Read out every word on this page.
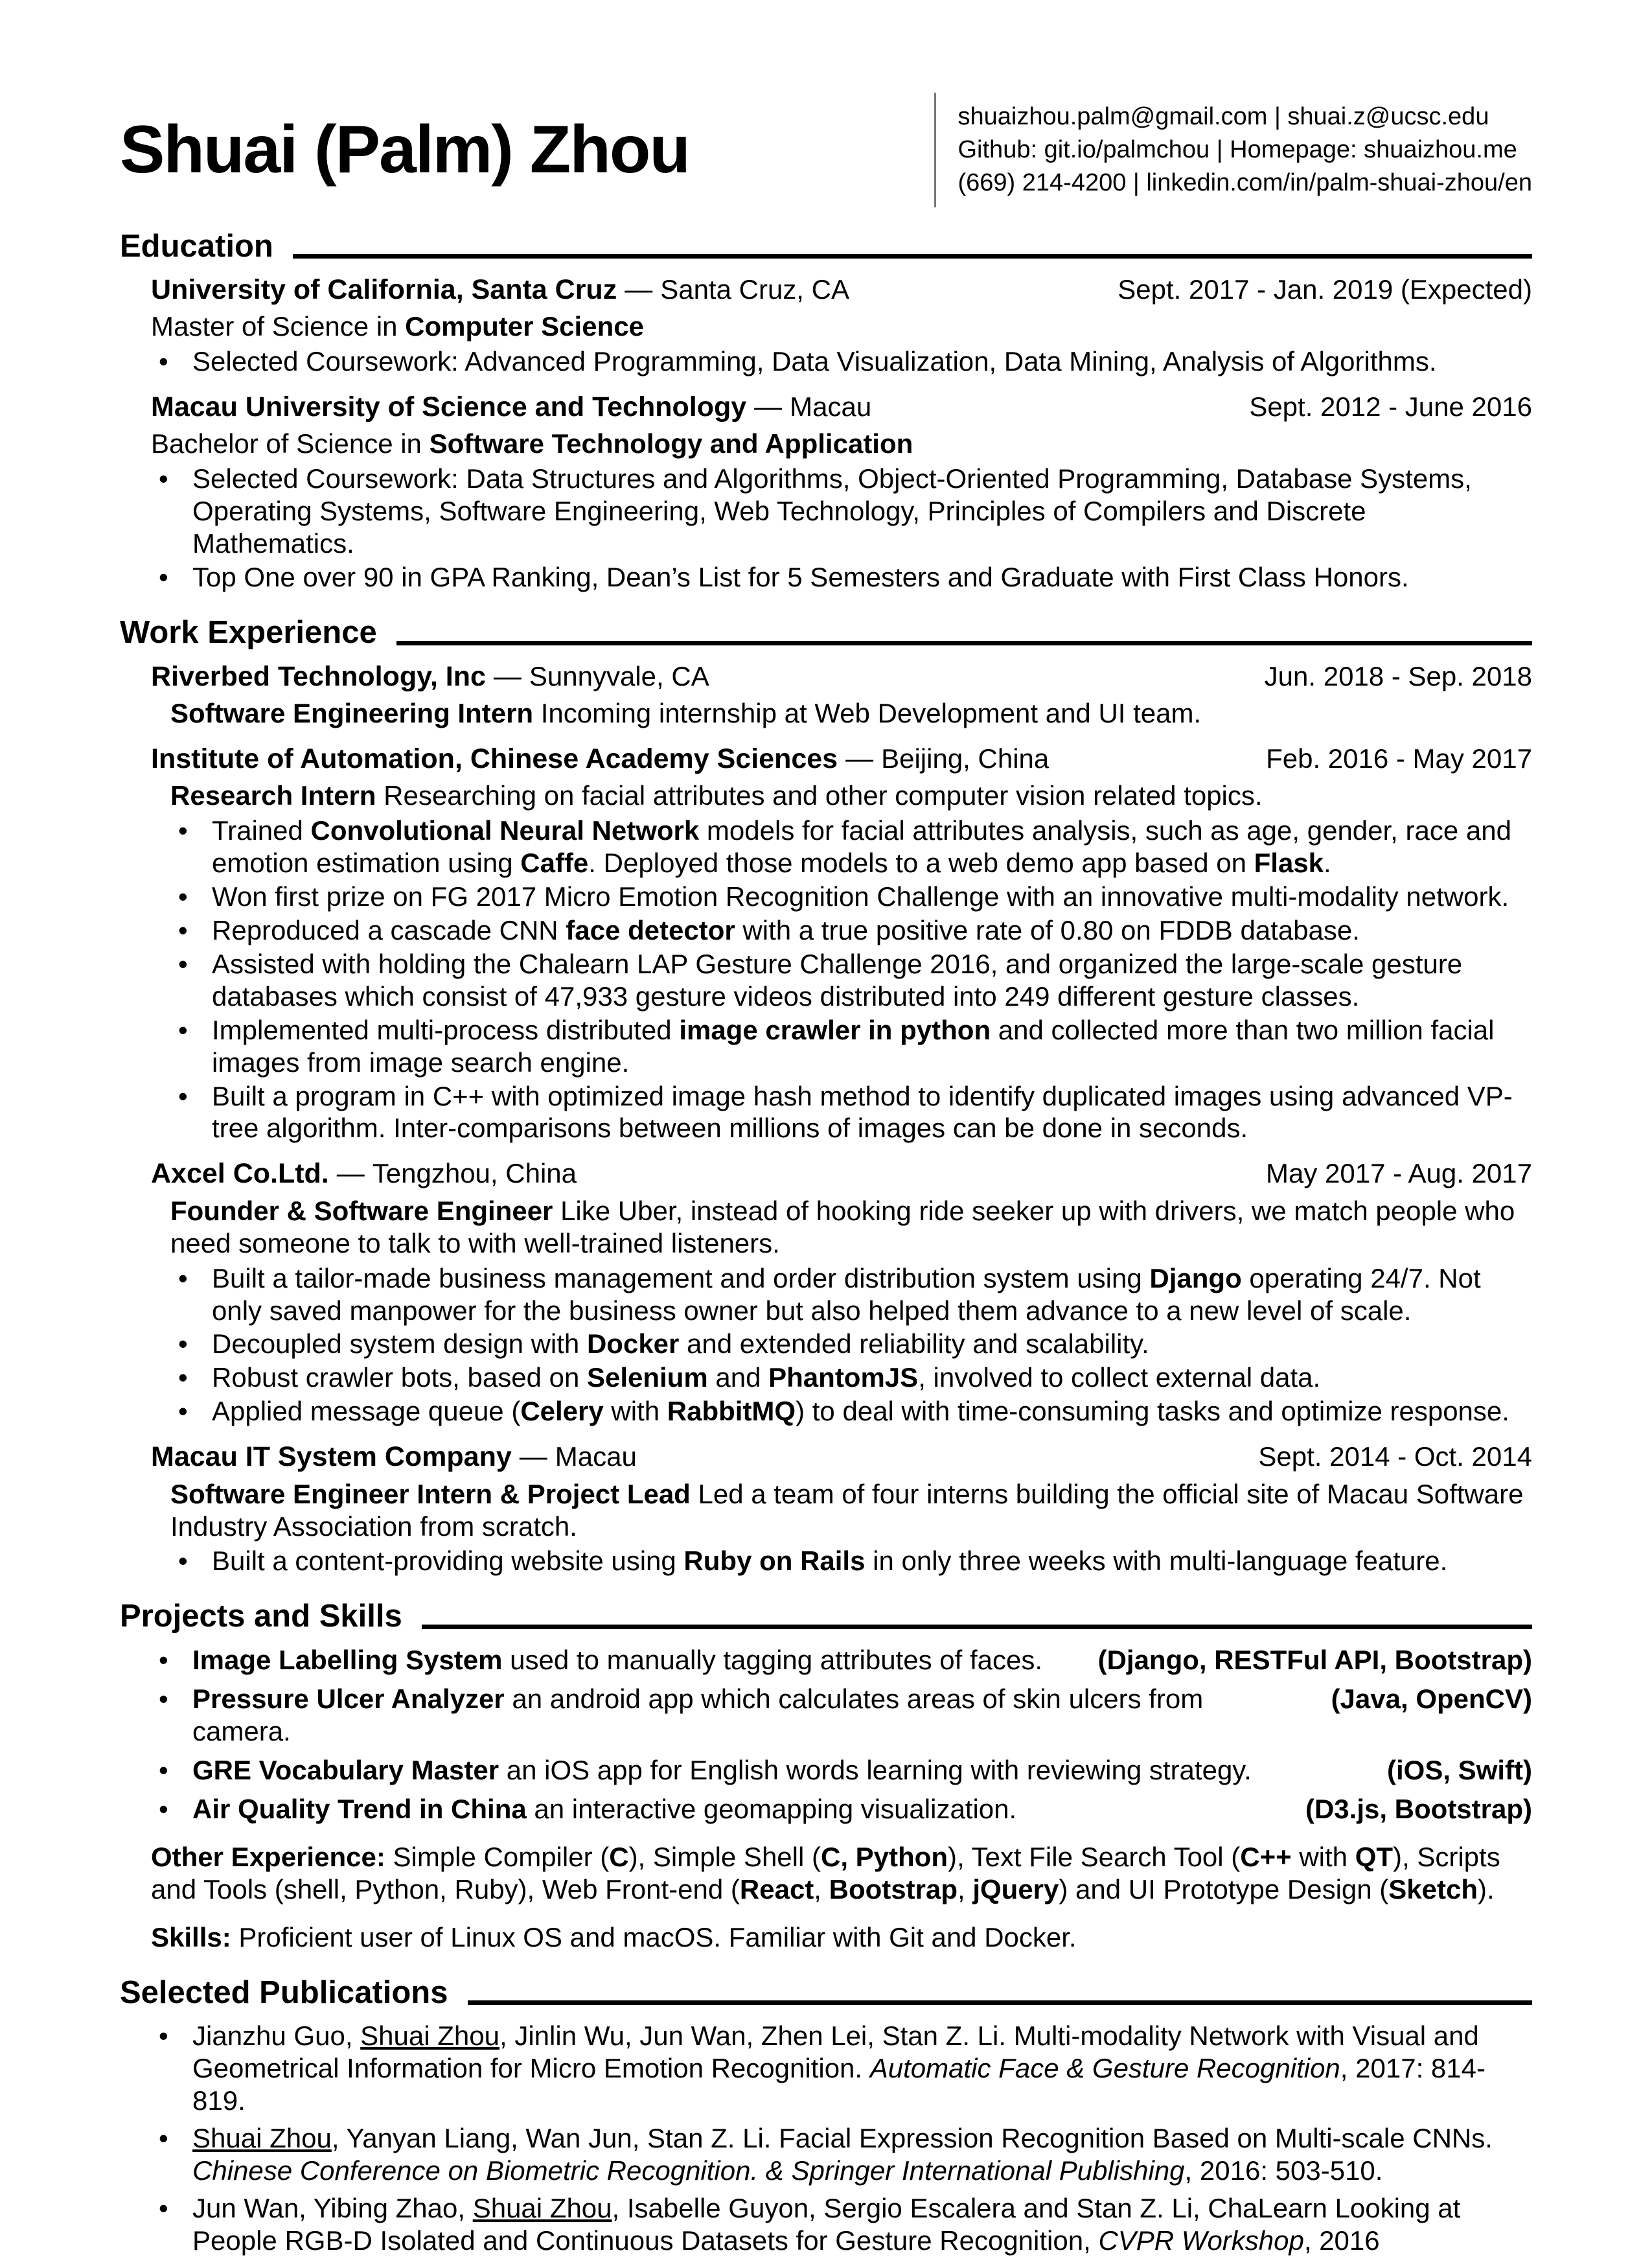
Shuai (Palm) Zhou	shuaizhou.palm@gmail.com | shuai.z@ucsc.edu
Github: git.io/palmchou | Homepage: shuaizhou.me
(669) 214-4200 | linkedin.com/in/palm-shuai-zhou/en
Education
University of California, Santa Cruz — Santa Cruz, CA	Sept. 2017 - Jan. 2019 (Expected)
Master of Science in Computer Science
• Selected Coursework: Advanced Programming, Data Visualization, Data Mining, Analysis of Algorithms.
Macau University of Science and Technology — Macau	Sept. 2012 - June 2016
Bachelor of Science in Software Technology and Application
• Selected Coursework: Data Structures and Algorithms, Object-Oriented Programming, Database Systems, Operating Systems, Software Engineering, Web Technology, Principles of Compilers and Discrete Mathematics.
• Top One over 90 in GPA Ranking, Dean’s List for 5 Semesters and Graduate with First Class Honors.
Work Experience
Riverbed Technology, Inc — Sunnyvale, CA	Jun. 2018 - Sep. 2018
Software Engineering Intern Incoming internship at Web Development and UI team.
Institute of Automation, Chinese Academy Sciences — Beijing, China	Feb. 2016 - May 2017
Research Intern Researching on facial attributes and other computer vision related topics.
• Trained Convolutional Neural Network models for facial attributes analysis, such as age, gender, race and emotion estimation using Caffe. Deployed those models to a web demo app based on Flask.
• Won first prize on FG 2017 Micro Emotion Recognition Challenge with an innovative multi-modality network.
• Reproduced a cascade CNN face detector with a true positive rate of 0.80 on FDDB database.
• Assisted with holding the Chalearn LAP Gesture Challenge 2016, and organized the large-scale gesture databases which consist of 47,933 gesture videos distributed into 249 different gesture classes.
• Implemented multi-process distributed image crawler in python and collected more than two million facial images from image search engine.
• Built a program in C++ with optimized image hash method to identify duplicated images using advanced VP-tree algorithm. Inter-comparisons between millions of images can be done in seconds.
Axcel Co.Ltd. — Tengzhou, China	May 2017 - Aug. 2017
Founder & Software Engineer Like Uber, instead of hooking ride seeker up with drivers, we match people who need someone to talk to with well-trained listeners.
• Built a tailor-made business management and order distribution system using Django operating 24/7. Not only saved manpower for the business owner but also helped them advance to a new level of scale.
• Decoupled system design with Docker and extended reliability and scalability.
• Robust crawler bots, based on Selenium and PhantomJS, involved to collect external data.
• Applied message queue (Celery with RabbitMQ) to deal with time-consuming tasks and optimize response.
Macau IT System Company — Macau	Sept. 2014 - Oct. 2014
Software Engineer Intern & Project Lead Led a team of four interns building the official site of Macau Software Industry Association from scratch.
• Built a content-providing website using Ruby on Rails in only three weeks with multi-language feature.
Projects and Skills
• Image Labelling System used to manually tagging attributes of faces. (Django, RESTFul API, Bootstrap)
• Pressure Ulcer Analyzer an android app which calculates areas of skin ulcers from camera.
(Java, OpenCV)
• GRE Vocabulary Master an iOS app for English words learning with reviewing strategy.	(iOS, Swift)
• Air Quality Trend in China an interactive geomapping visualization.	(D3.js, Bootstrap)
Other Experience: Simple Compiler (C), Simple Shell (C, Python), Text File Search Tool (C++ with QT), Scripts and Tools (shell, Python, Ruby), Web Front-end (React, Bootstrap, jQuery) and UI Prototype Design (Sketch).
Skills: Proficient user of Linux OS and macOS. Familiar with Git and Docker.
Selected Publications
• Jianzhu Guo, Shuai Zhou, Jinlin Wu, Jun Wan, Zhen Lei, Stan Z. Li. Multi-modality Network with Visual and Geometrical Information for Micro Emotion Recognition. Automatic Face & Gesture Recognition, 2017: 814-819.
• Shuai Zhou, Yanyan Liang, Wan Jun, Stan Z. Li. Facial Expression Recognition Based on Multi-scale CNNs. Chinese Conference on Biometric Recognition. & Springer International Publishing, 2016: 503-510.
• Jun Wan, Yibing Zhao, Shuai Zhou, Isabelle Guyon, Sergio Escalera and Stan Z. Li, ChaLearn Looking at People RGB-D Isolated and Continuous Datasets for Gesture Recognition, CVPR Workshop, 2016
